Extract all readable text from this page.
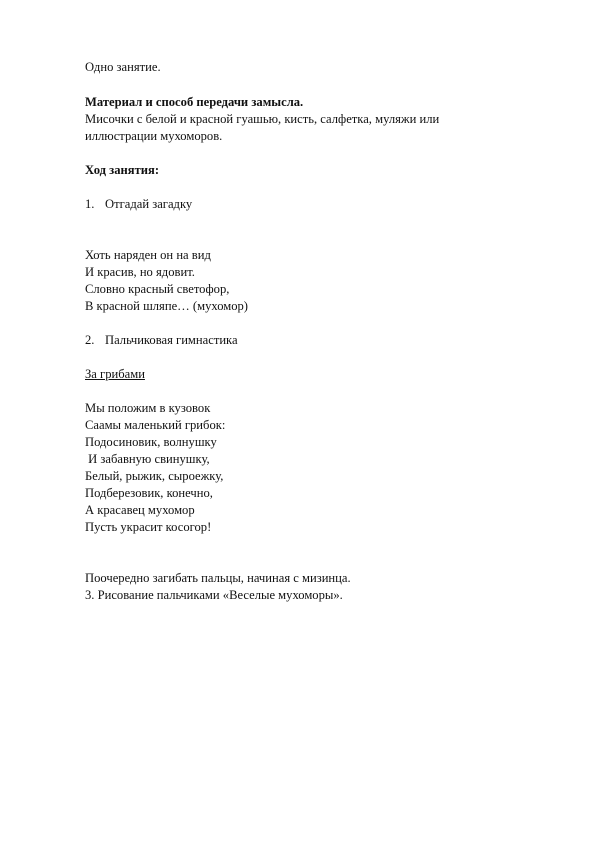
Одно занятие.
Материал и способ передачи замысла.
Мисочки с белой и красной гуашью, кисть, салфетка, муляжи или
иллюстрации мухоморов.
Ход занятия:
1. Отгадай загадку
Хоть наряден он на вид
И красив, но ядовит.
Словно красный светофор,
В красной шляпе… (мухомор)
2. Пальчиковая гимнастика
За грибами
Мы положим в кузовок
Саамы маленький грибок:
Подосиновик, волнушку
И забавную свинушку,
Белый, рыжик, сыроежку,
Подберезовик, конечно,
А красавец мухомор
Пусть украсит косогор!
Поочередно загибать пальцы, начиная с мизинца.
3. Рисование пальчиками «Веселые мухоморы».
